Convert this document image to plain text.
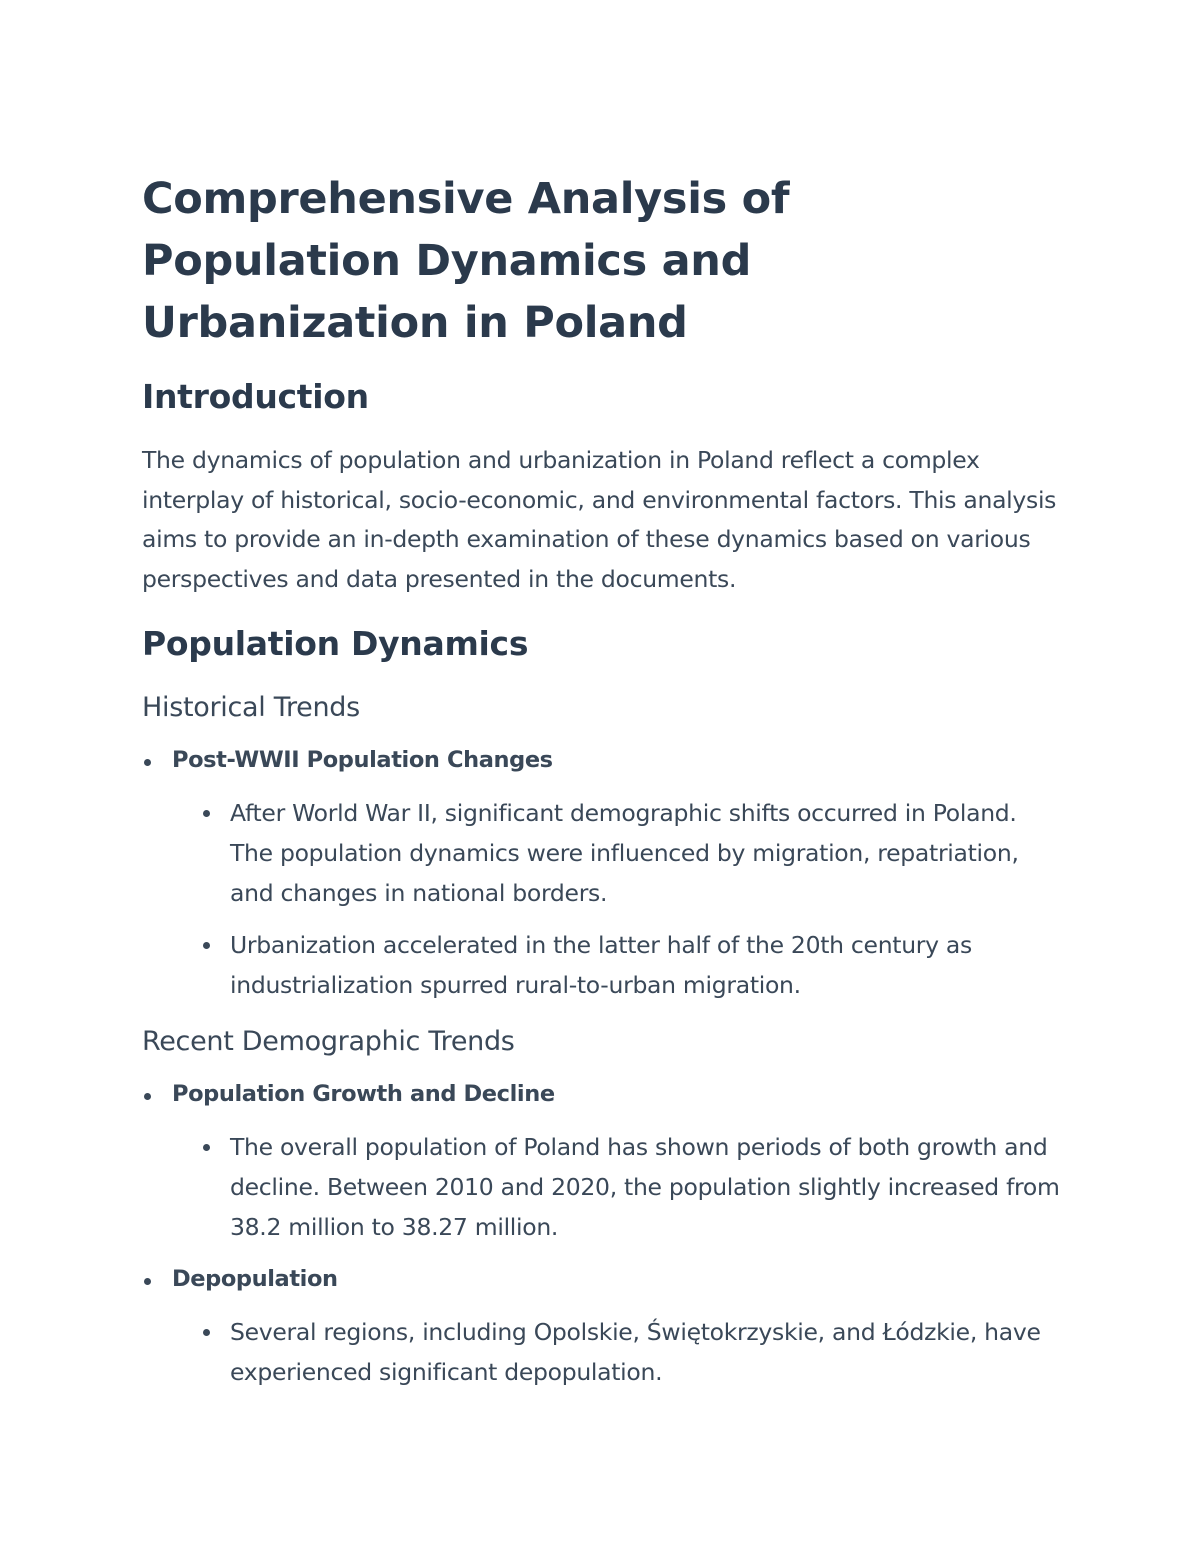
Comprehensive Analysis of Population Dynamics and Urbanization in Poland
Introduction

The dynamics of population and urbanization in Poland reflect a complex interplay of historical, socio-economic, and environmental factors. This analysis aims to provide an in-depth examination of these dynamics based on various perspectives and data presented in the documents.

Population Dynamics
Historical Trends
Post-WWII Population Changes
After World War II, significant demographic shifts occurred in Poland. The population dynamics were influenced by migration, repatriation, and changes in national borders.
Urbanization accelerated in the latter half of the 20th century as industrialization spurred rural-to-urban migration.
Recent Demographic Trends
Population Growth and Decline
The overall population of Poland has shown periods of both growth and decline. Between 2010 and 2020, the population slightly increased from 38.2 million to 38.27 million.
Depopulation
Several regions, including Opolskie, Świętokrzyskie, and Łódzkie, have experienced significant depopulation.
